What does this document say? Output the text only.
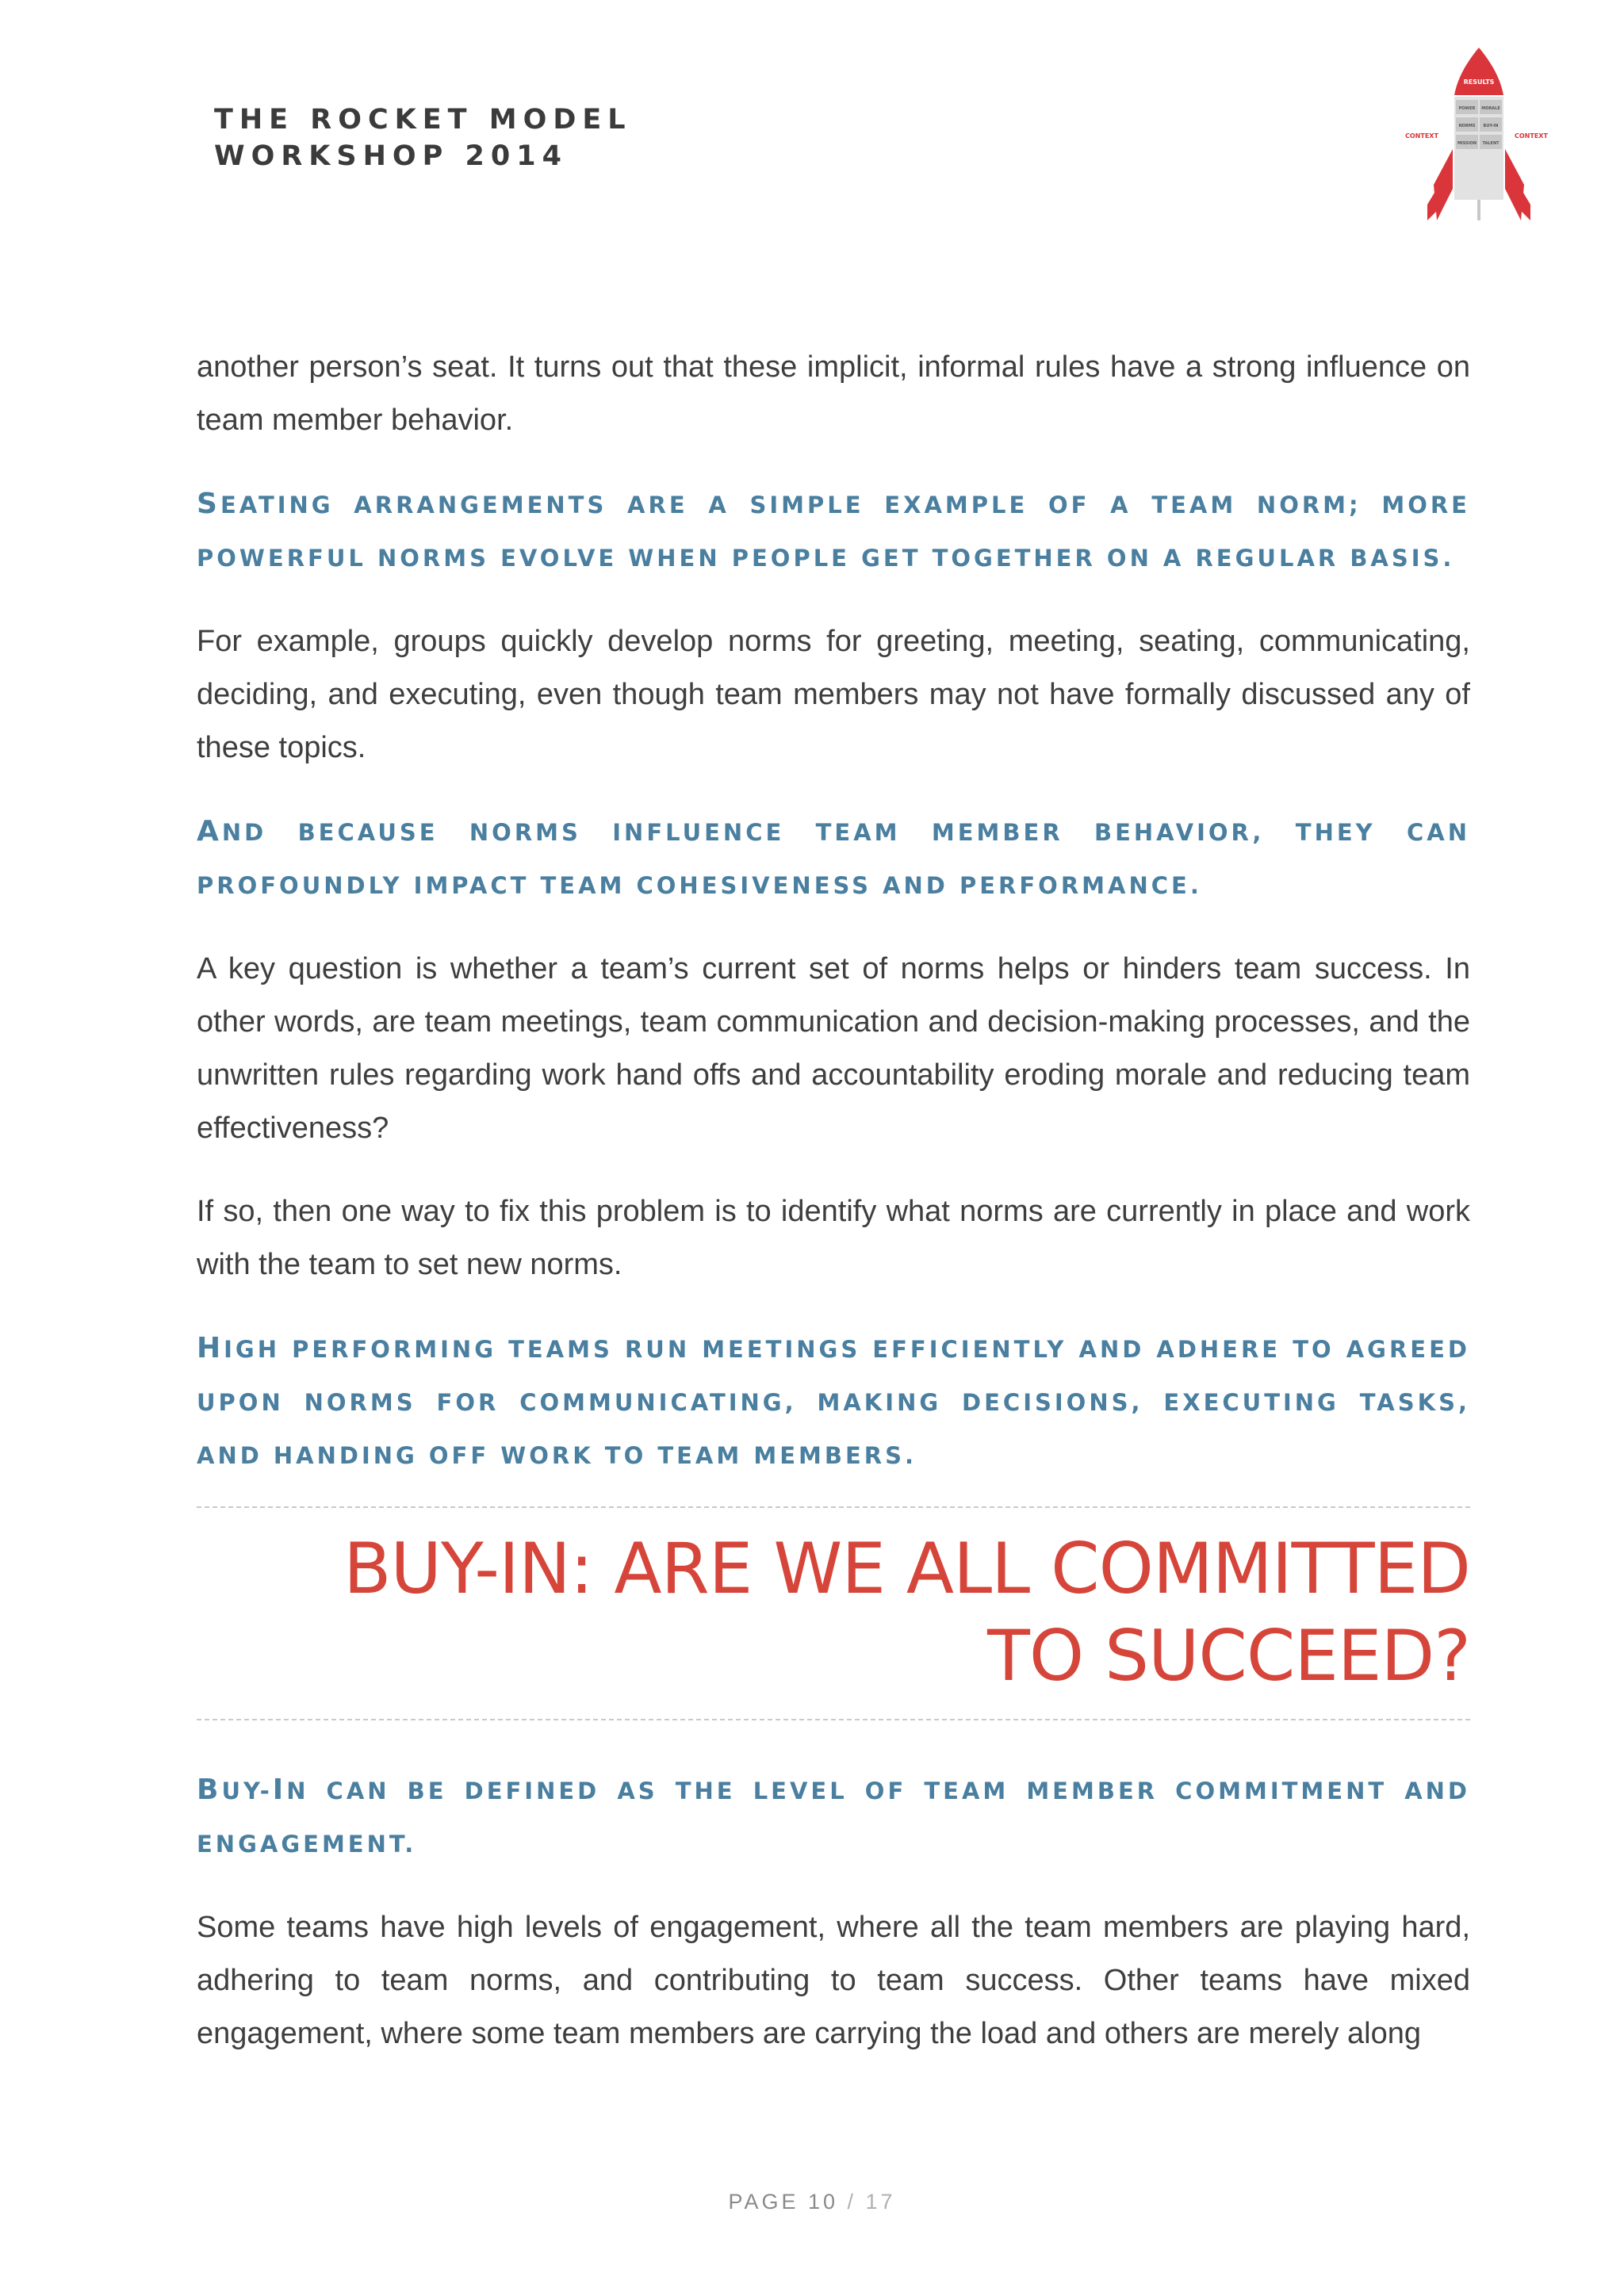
THE ROCKET MODEL
WORKSHOP 2014
RESULTS
POWER MORALE
NORMS BUY-IN
MISSION TALENT
CONTEXT	CONTEXT

another person’s seat. It turns out that these implicit, informal rules have a strong influence on team member behavior.

SEATING ARRANGEMENTS ARE A SIMPLE EXAMPLE OF A TEAM NORM; MORE POWERFUL NORMS EVOLVE WHEN PEOPLE GET TOGETHER ON A REGULAR BASIS.

For example, groups quickly develop norms for greeting, meeting, seating, communicating, deciding, and executing, even though team members may not have formally discussed any of these topics.

AND BECAUSE NORMS INFLUENCE TEAM MEMBER BEHAVIOR, THEY CAN PROFOUNDLY IMPACT TEAM COHESIVENESS AND PERFORMANCE.

A key question is whether a team’s current set of norms helps or hinders team success. In other words, are team meetings, team communication and decision-making processes, and the unwritten rules regarding work hand offs and accountability eroding morale and reducing team effectiveness?

If so, then one way to fix this problem is to identify what norms are currently in place and work with the team to set new norms.

HIGH PERFORMING TEAMS RUN MEETINGS EFFICIENTLY AND ADHERE TO AGREED UPON NORMS FOR COMMUNICATING, MAKING DECISIONS, EXECUTING TASKS, AND HANDING OFF WORK TO TEAM MEMBERS.
BUY-IN: ARE WE ALL COMMITTED
TO SUCCEED?
BUY-IN CAN BE DEFINED AS THE LEVEL OF TEAM MEMBER COMMITMENT AND ENGAGEMENT.

Some teams have high levels of engagement, where all the team members are playing hard, adhering to team norms, and contributing to team success. Other teams have mixed engagement, where some team members are carrying the load and others are merely along

PAGE 10 / 17
